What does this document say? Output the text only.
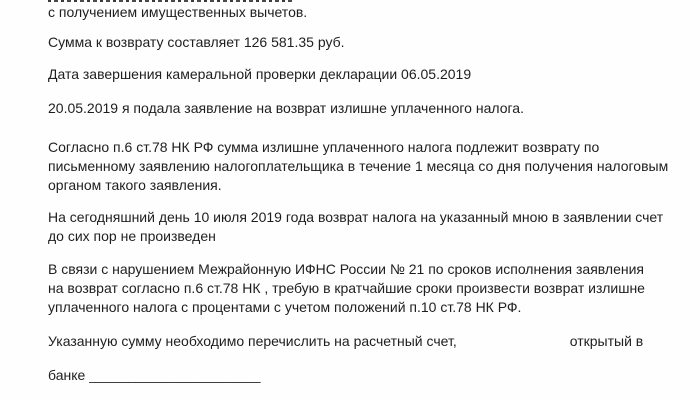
с получением имущественных вычетов.
Сумма к возврату составляет 126 581.35 руб.
Дата завершения камеральной проверки декларации 06.05.2019
20.05.2019 я подала заявление на возврат излишне уплаченного налога.
Согласно п.6 ст.78 НК РФ сумма излишне уплаченного налога подлежит возврату по
письменному заявлению налогоплательщика в течение 1 месяца со дня получения налоговым
органом такого заявления.
На сегодняшний день 10 июля 2019 года возврат налога на указанный мною в заявлении счет
до сих пор не произведен
В связи с нарушением Межрайонную ИФНС России № 21 по сроков исполнения заявления
на возврат согласно п.6 ст.78 НК , требую в кратчайшие сроки произвести возврат излишне
уплаченного налога с процентами с учетом положений п.10 ст.78 НК РФ.
Указанную сумму необходимо перечислить на расчетный счет,	открытый в
банке ______________________
